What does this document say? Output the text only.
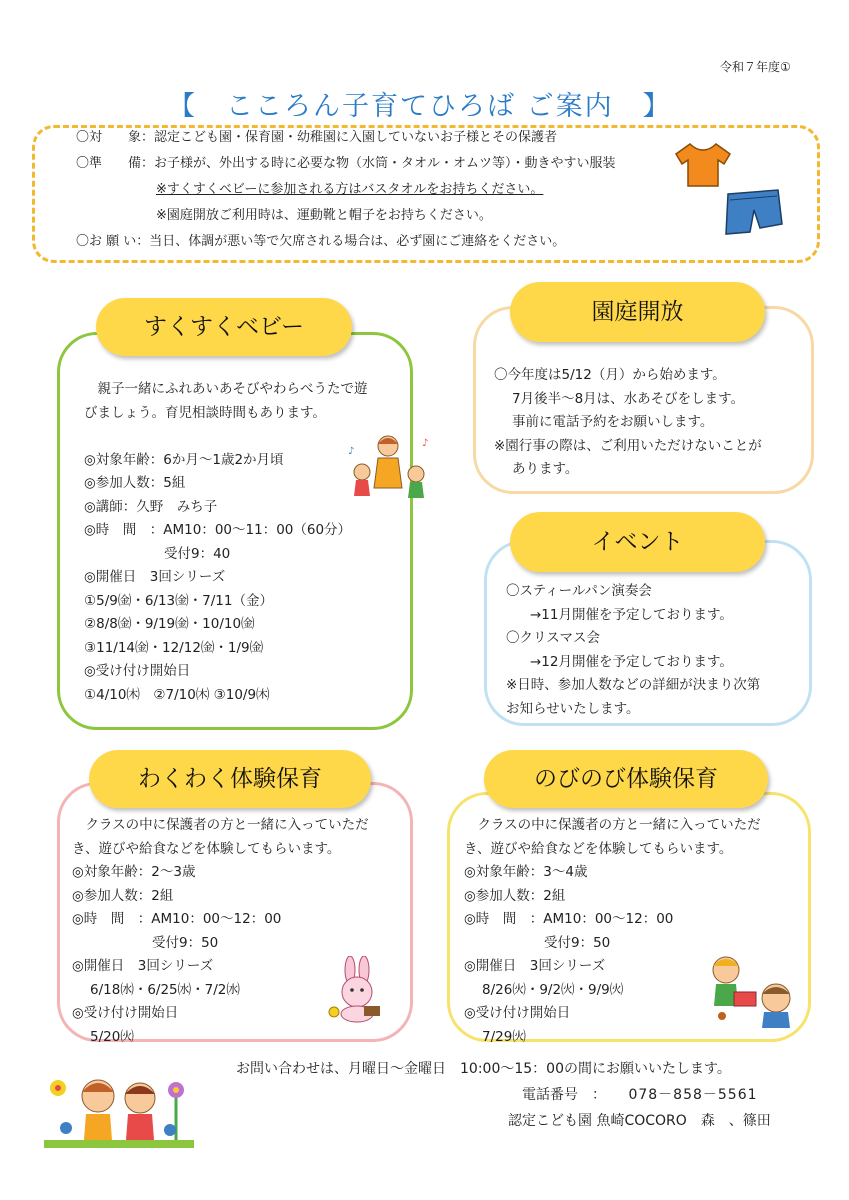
令和７年度①
【　こころん子育てひろば ご案内　】
〇対　　象：認定こども園・保育園・幼稚園に入園していないお子様とその保護者
〇準　　備：お子様が、外出する時に必要な物（水筒・タオル・オムツ等）・動きやすい服装
※すくすくベビーに参加される方はバスタオルをお持ちください。
※園庭開放ご利用時は、運動靴と帽子をお持ちください。
〇お 願 い：当日、体調が悪い等で欠席される場合は、必ず園にご連絡をください。
すくすくベビー
　親子一緒にふれあいあそびやわらべうたで遊
びましょう。育児相談時間もあります。
◎対象年齢：6か月～1歳2か月頃
◎参加人数：5組
◎講師：久野　みち子
◎時　間　：AM10：00～11：00（60分）
受付9：40
◎開催日　3回シリーズ
①5/9㈮・6/13㈮・7/11（金）
②8/8㈮・9/19㈮・10/10㈮
③11/14㈮・12/12㈮・1/9㈮
◎受け付け開始日
①4/10㈭　②7/10㈭ ③10/9㈭
♪
♪
園庭開放
〇今年度は5/12（月）から始めます。
7月後半～8月は、水あそびをします。
事前に電話予約をお願いします。
※園行事の際は、ご利用いただけないことが
あります。
イベント
〇スティールパン演奏会
→11月開催を予定しております。
〇クリスマス会
→12月開催を予定しております。
※日時、参加人数などの詳細が決まり次第
お知らせいたします。
わくわく体験保育
　クラスの中に保護者の方と一緒に入っていただ
き、遊びや給食などを体験してもらいます。
◎対象年齢：2～3歳
◎参加人数：2組
◎時　間　：AM10：00～12：00
受付9：50
◎開催日　3回シリーズ
6/18㈬・6/25㈬・7/2㈬
◎受け付け開始日
5/20㈫
のびのび体験保育
　クラスの中に保護者の方と一緒に入っていただ
き、遊びや給食などを体験してもらいます。
◎対象年齢：3～4歳
◎参加人数：2組
◎時　間　：AM10：00～12：00
受付9：50
◎開催日　3回シリーズ
8/26㈫・9/2㈫・9/9㈫
◎受け付け開始日
7/29㈫
お問い合わせは、月曜日～金曜日　10:00～15：00の間にお願いいたします。
電話番号　： 078－858－5561
認定こども園 魚崎COCORO　森　、篠田
